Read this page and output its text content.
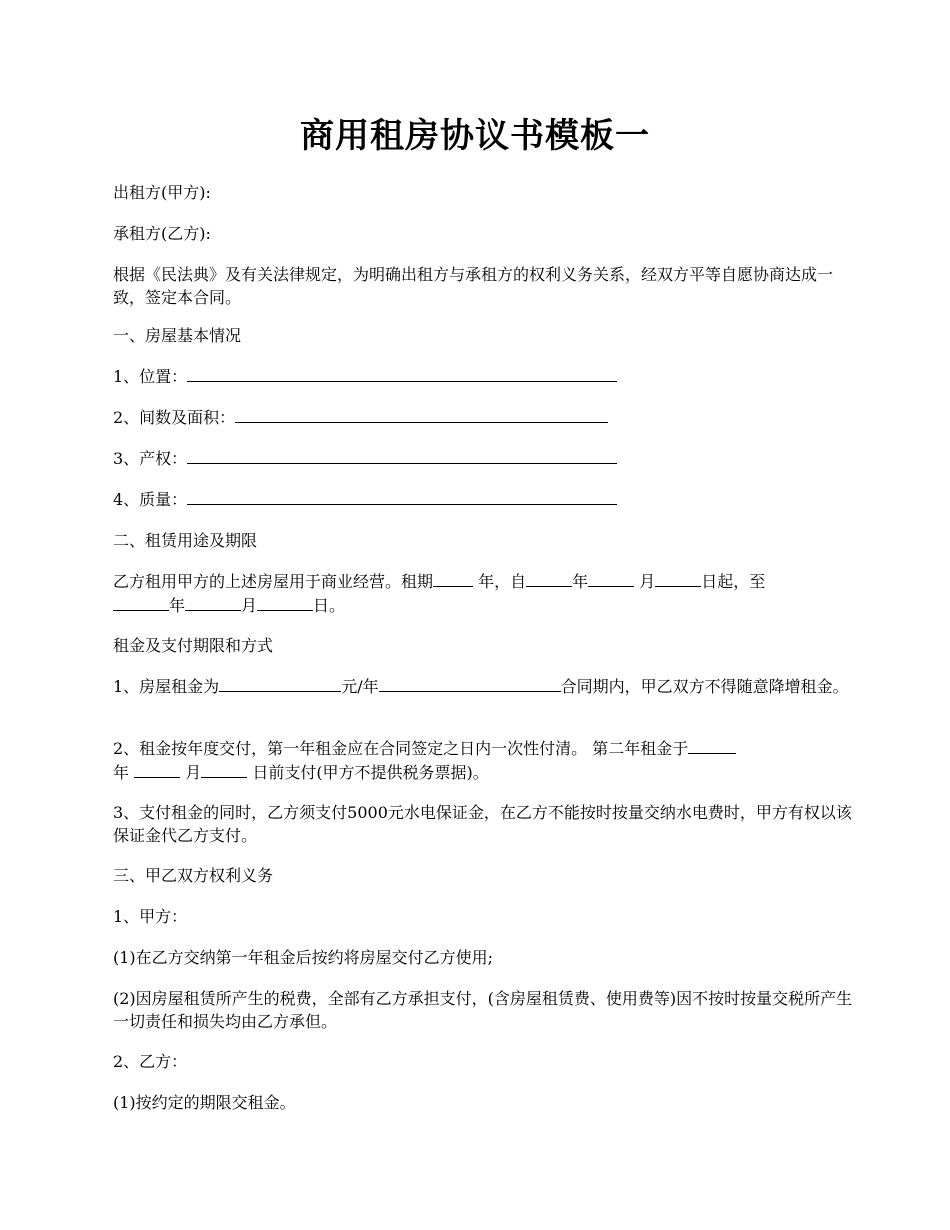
商用租房协议书模板一
出租方(甲方):
承租方(乙方):
根据《民法典》及有关法律规定，为明确出租方与承租方的权利义务关系，经双方平等自愿协商达成一致，签定本合同。
一、房屋基本情况
1、位置：
2、间数及面积：
3、产权：
4、质量：
二、租赁用途及期限
乙方租用甲方的上述房屋用于商业经营。租期	年，自	年	月	日起，至
年	月	日。
租金及支付期限和方式
1、房屋租金为	元/年	合同期内，甲乙双方不得随意降增租金。
2、租金按年度交付，第一年租金应在合同签定之日内一次性付清。 第二年租金于
年	月	日前支付(甲方不提供税务票据)。
3、支付租金的同时，乙方须支付5000元水电保证金，在乙方不能按时按量交纳水电费时，甲方有权以该保证金代乙方支付。
三、甲乙双方权利义务
1、甲方：
(1)在乙方交纳第一年租金后按约将房屋交付乙方使用;
(2)因房屋租赁所产生的税费，全部有乙方承担支付，(含房屋租赁费、使用费等)因不按时按量交税所产生一切责任和损失均由乙方承但。
2、乙方：
(1)按约定的期限交租金。
